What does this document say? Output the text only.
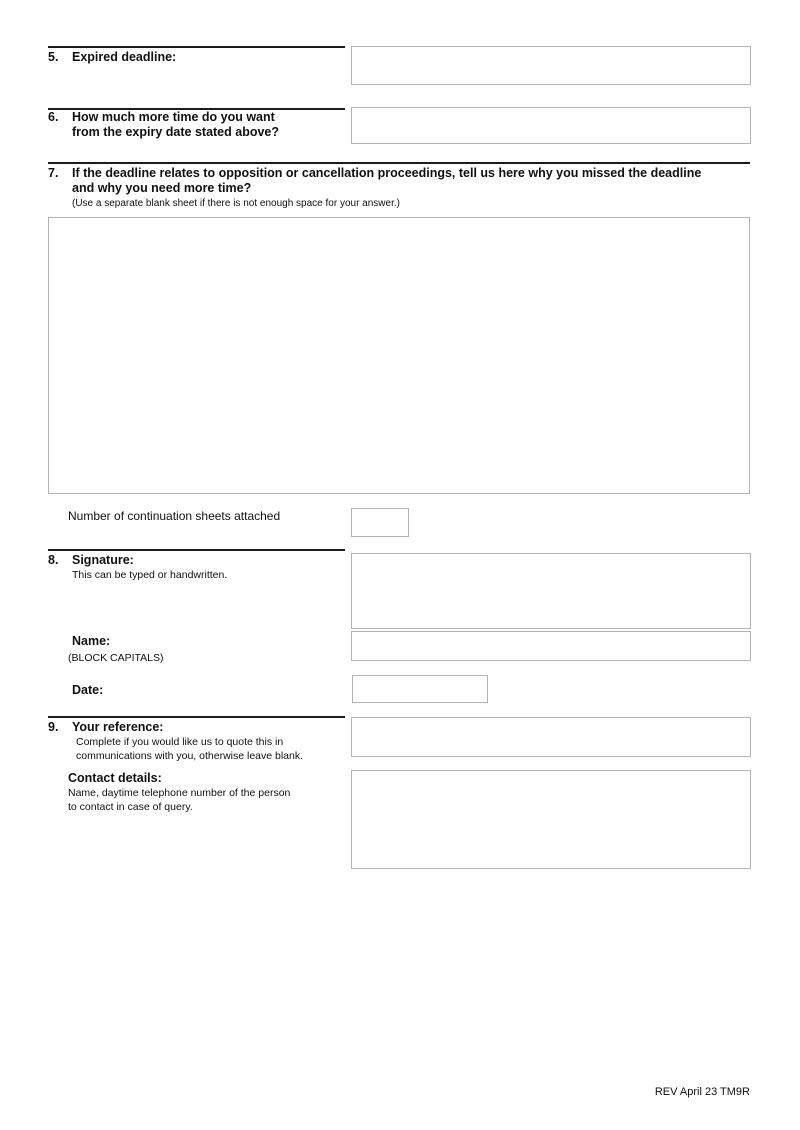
5. Expired deadline:
6. How much more time do you want
from the expiry date stated above?
7. If the deadline relates to opposition or cancellation proceedings, tell us here why you missed the deadline
and why you need more time?
(Use a separate blank sheet if there is not enough space for your answer.)
Number of continuation sheets attached
8. Signature:
This can be typed or handwritten.
Name:
(BLOCK CAPITALS)
Date:
9. Your reference:
Complete if you would like us to quote this in
communications with you, otherwise leave blank.
Contact details:
Name, daytime telephone number of the person
to contact in case of query.
REV April 23 TM9R
